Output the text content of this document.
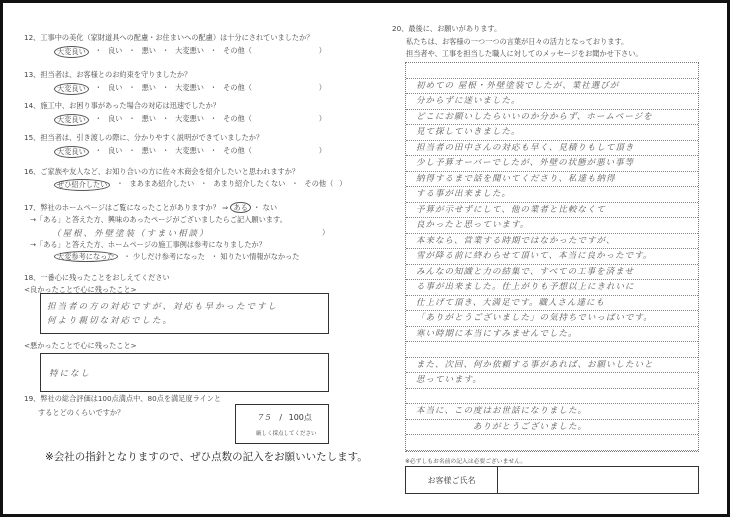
12、工事中の美化（家財道具への配慮・お住まいへの配慮）は十分にされていましたか？
大変良い	・ 良い ・ 悪い ・ 大変悪い ・ その他（	）
13、担当者は、お客様とのお約束を守りましたか？
大変良い	・ 良い ・ 悪い ・ 大変悪い ・ その他（	）
14、施工中、お困り事があった場合の対応は迅速でしたか？
大変良い	・ 良い ・ 悪い ・ 大変悪い ・ その他（	）
15、担当者は、引き渡しの際に、分かりやすく説明ができていましたか？
大変良い	・ 良い ・ 悪い ・ 大変悪い ・ その他（	）
16、ご家族や友人など、お知り合いの方に佐々木商会を紹介したいと思われますか？
ぜひ紹介したい	・ まあまあ紹介したい ・ あまり紹介したくない ・ その他（ ）
17、弊社のホームページはご覧になったことがありますか？ ⇒ ある ・ ない
→「ある」と答えた方、興味のあったページがございましたらご記入願います。
（屋根、外壁塗装（すまい相談）	）
→「ある」と答えた方、ホームページの施工事例は参考になりましたか？
大変参考になった ・ 少しだけ参考になった ・ 知りたい情報がなかった
18、一番心に残ったことをおしえてください
<良かったことで心に残ったこと>
担当者の方の対応ですが、対応も早かったですし
何より親切な対応でした。
<悪かったことで心に残ったこと>
特になし
19、弊社の総合評価は100点満点中、80点を満足度ラインと
するとどのくらいですか？
75 / 100点
厳しく採点してください
※会社の指針となりますので、ぜひ点数の記入をお願いいたします。
20、最後に、お願いがあります。
私たちは、お客様の一つ一つの言葉が日々の活力となっております。
担当者や、工事を担当した職人に対してのメッセージをお聞かせ下さい。
初めての 屋根・外壁塗装でしたが、業社選びが
分からずに迷いました。
どこにお願いしたらいいのか分からず、ホームページを
見て探していきました。
担当者の田中さんの対応も早く、見積りもして頂き
少し予算オーバーでしたが、外壁の状態が悪い事等
納得するまで話を聞いてくださり、私達も納得
する事が出来ました。
予算が示せずにして、他の業者と比較なくて
良かったと思っています。
本来なら、営業する時期ではなかったですが、
雪が降る前に終わらせて頂いて、本当に良かったです。
みんなの知識と力の結集で、すべての工事を済ませ
る事が出来ました。仕上がりも予想以上にきれいに
仕上げて頂き、大満足です。職人さん達にも
「ありがとうございました」の気持ちでいっぱいです。
寒い時期に本当にすみませんでした。
また、次回、何か依頼する事があれば、お願いしたいと
思っています。
本当に、この度はお世話になりました。
　　　　　　ありがとうございました。
※必ずしもお名前の記入は必要ございません。
お客様ご氏名
